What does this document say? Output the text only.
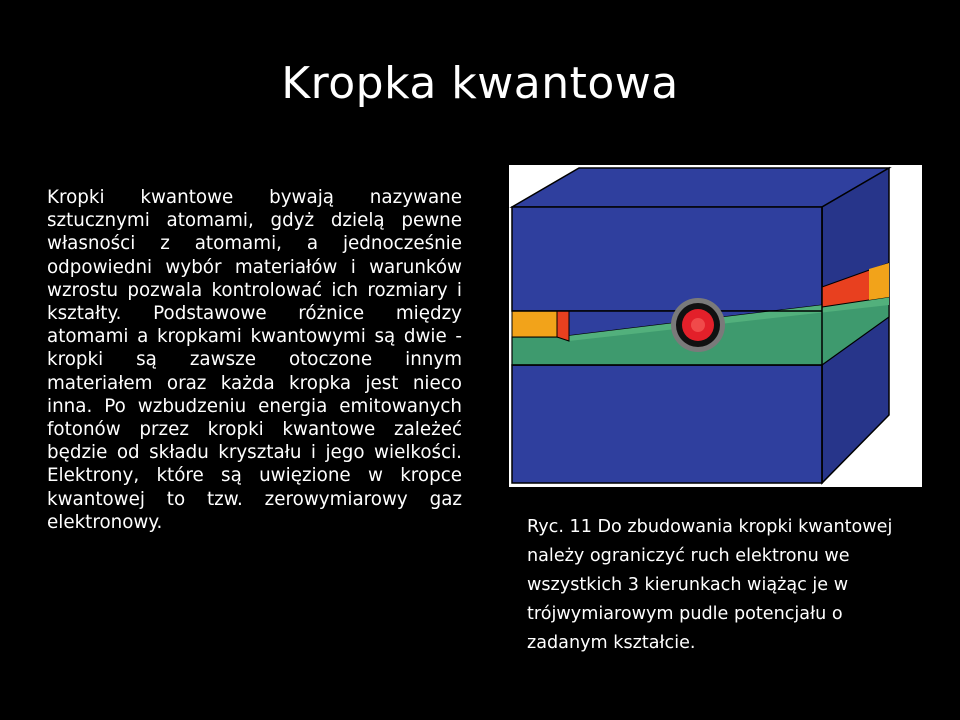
Kropka kwantowa

Kropki kwantowe bywają nazywane sztucznymi atomami, gdyż dzielą pewne własności z atomami, a jednocześnie odpowiedni wybór materiałów i warunków wzrostu pozwala kontrolować ich rozmiary i kształty. Podstawowe różnice między atomami a kropkami kwantowymi są dwie - kropki są zawsze otoczone innym materiałem oraz każda kropka jest nieco inna. Po wzbudzeniu energia emitowanych fotonów przez kropki kwantowe zależeć będzie od składu kryształu i jego wielkości. Elektrony, które są uwięzione w kropce kwantowej to tzw. zerowymiarowy gaz elektronowy.	Ryc. 11 Do zbudowania kropki kwantowej należy ograniczyć ruch elektronu we wszystkich 3 kierunkach wiążąc je w trójwymiarowym pudle potencjału o zadanym kształcie.
